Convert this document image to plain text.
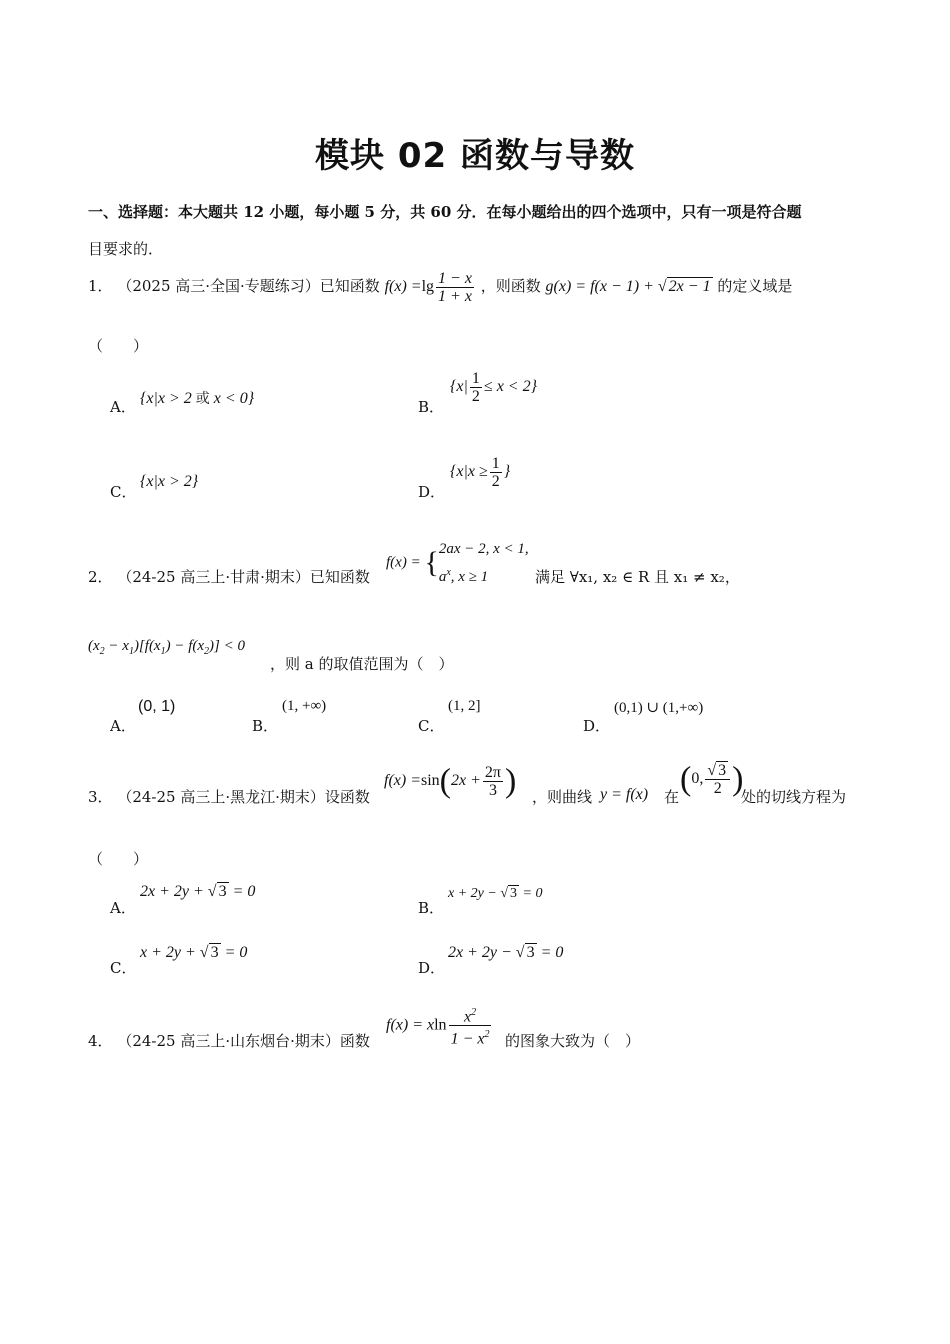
模块 02 函数与导数
一、选择题：本大题共 12 小题，每小题 5 分，共 60 分．在每小题给出的四个选项中，只有一项是符合题
目要求的．
1． （2025 高三·全国·专题练习）已知函数 $f(x) =\lg \frac{1 - x}{1 + x}$ ，则函数 g(x) = f(x − 1) + √ 2x − 1 的定义域是
（　　）
A． {x|x > 2 或 x < 0}	B．
$\{x| \frac{1}{2} \le x < 2\}$
C．
{x|x > 2}
D．
{$x|x \ge \frac{1}{2}$ }
2． （24-25 高三上·甘肃·期末）已知函数
f(x) = { 2ax − 2, x < 1,
$a^x$, x ≥ 1	满足 ∀x₁, x₂ ∈ R 且 x₁ ≠ x₂，
$(x_2 - x_1)[f(x_1) - f(x_2)] < 0$
，则 a 的取值范围为（　）
A．
(0, 1)
B．
(1, +∞)
C．
(1, 2]
D．
(0,1) ∪ (1,+∞)
3． （24-25 高三上·黑龙江·期末）设函数
$f(x) =\sin(2x + \frac{2\pi}{3}$ ) ，则曲线 y = f(x) 在 (0, $\frac{√ 3}{2}$ )
处的切线方程为
（　　）
A．
2x + 2y + √ 3 = 0
B．
x + 2y − √ 3 = 0
C．
x + 2y + √ 3 = 0
D．
2x + 2y − √ 3 = 0
4． （24-25 高三上·山东烟台·期末）函数
f(x) = xln $\frac{x^2}{1 - x^2}$ 的图象大致为（　）
